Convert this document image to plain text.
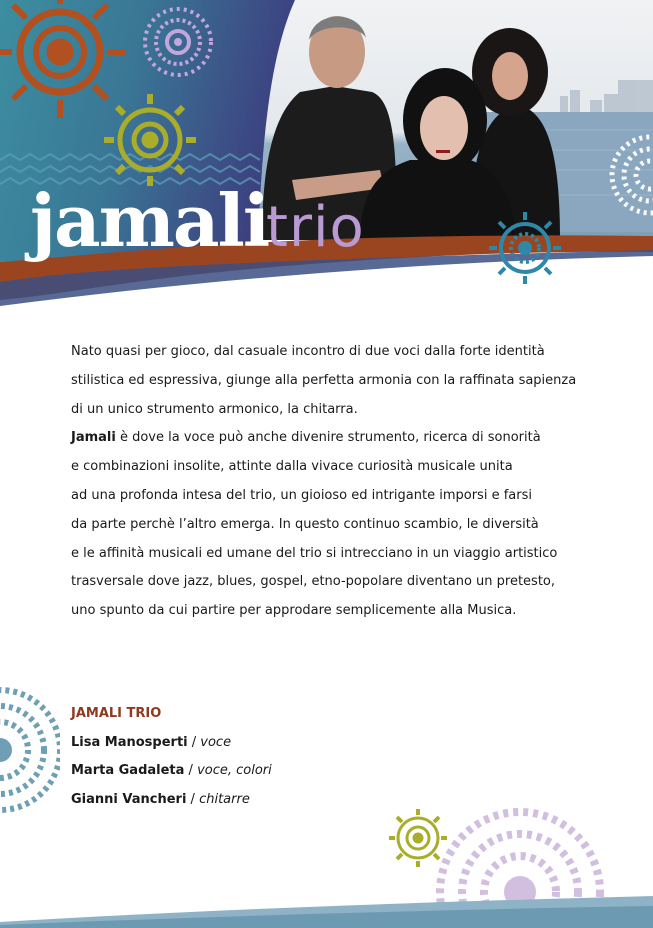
jamali
trio

Nato quasi per gioco, dal casuale incontro di due voci dalla forte identità

stilistica ed espressiva, giunge alla perfetta armonia con la raffinata sapienza

di un unico strumento armonico, la chitarra.

Jamali è dove la voce può anche divenire strumento, ricerca di sonorità

e combinazioni insolite, attinte dalla vivace curiosità musicale unita

ad una profonda intesa del trio, un gioioso ed intrigante imporsi e farsi

da parte perchè l’altro emerga. In questo continuo scambio, le diversità

e le affinità musicali ed umane del trio si intrecciano in un viaggio artistico

trasversale dove jazz, blues, gospel, etno-popolare diventano un pretesto,

uno spunto da cui partire per approdare semplicemente alla Musica.

JAMALI TRIO
Lisa Manosperti / voce
Marta Gadaleta / voce, colori
Gianni Vancheri / chitarre
